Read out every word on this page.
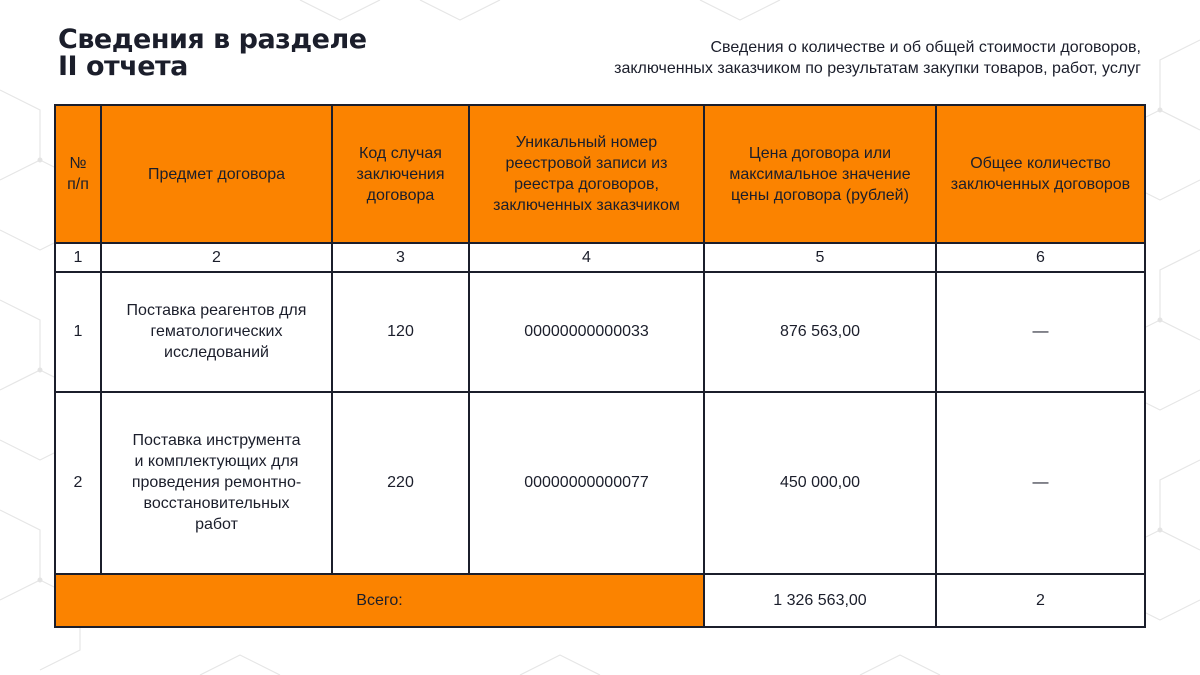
Сведения в разделе
II отчета
Сведения о количестве и об общей стоимости договоров,
заключенных заказчиком по результатам закупки товаров, работ, услуг
№ п/п	Предмет договора	Код случая заключения договора	Уникальный номер реестровой записи из реестра договоров, заключенных заказчиком	Цена договора или максимальное значение цены договора (рублей)	Общее количество заключенных договоров
1	2	3	4	5	6
1	Поставка реагентов для гематологических исследований	120	00000000000033	876 563,00	—
2	Поставка инструмента и комплектующих для проведения ремонтно-восстановительных работ	220	00000000000077	450 000,00	—
Всего:				1 326 563,00	2
